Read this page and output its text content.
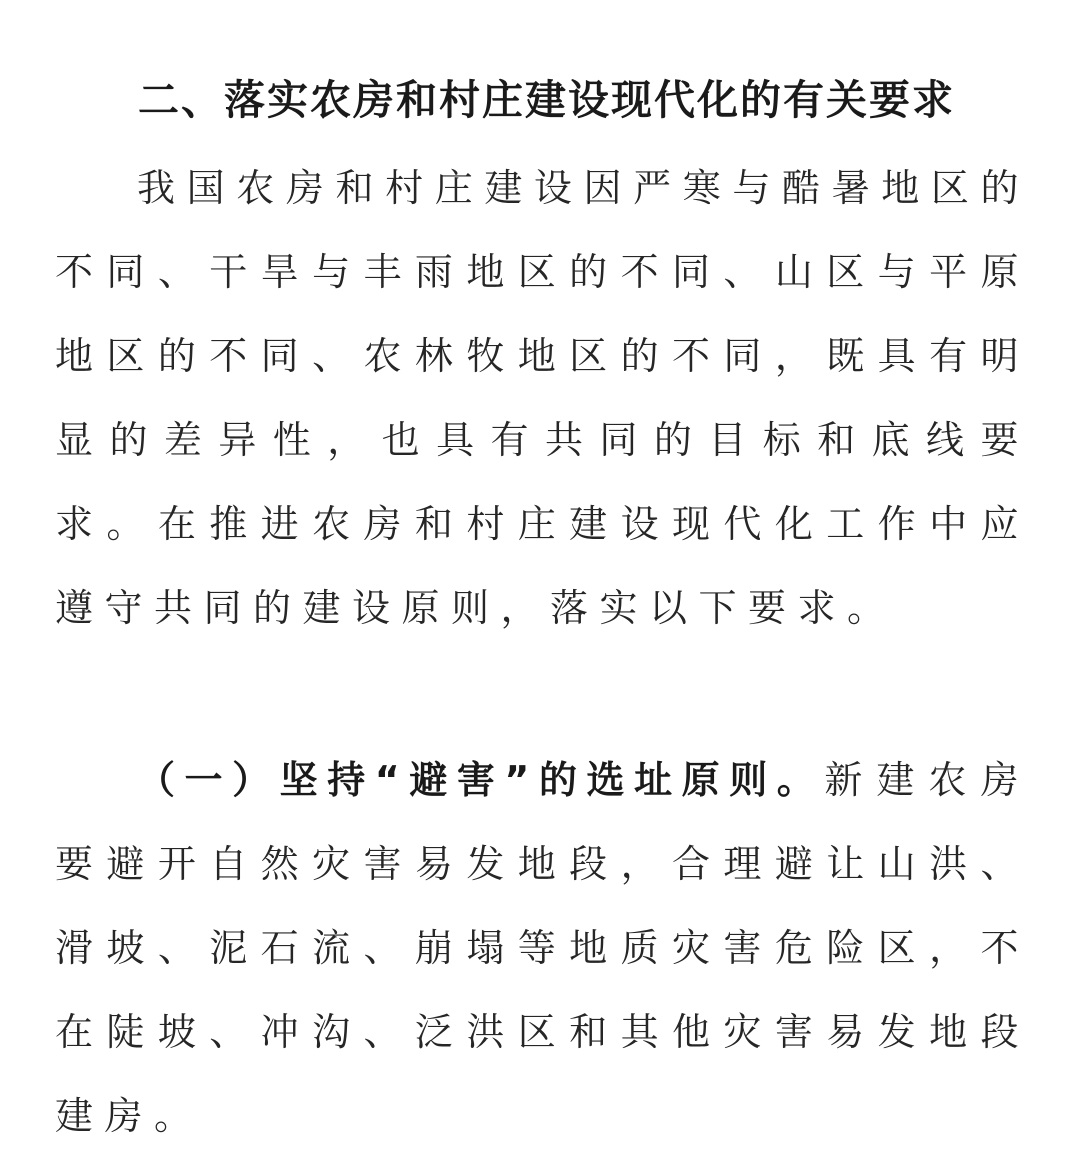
二、落实农房和村庄建设现代化的有关要求
我国农房和村庄建设因严寒与酷暑地区的不同、干旱与丰雨地区的不同、山区与平原地区的不同、农林牧地区的不同，既具有明显的差异性，也具有共同的目标和底线要求。在推进农房和村庄建设现代化工作中应遵守共同的建设原则，落实以下要求。
（一）坚持“避害”的选址原则。新建农房要避开自然灾害易发地段，合理避让山洪、滑坡、泥石流、崩塌等地质灾害危险区，不在陡坡、冲沟、泛洪区和其他灾害易发地段建房。
